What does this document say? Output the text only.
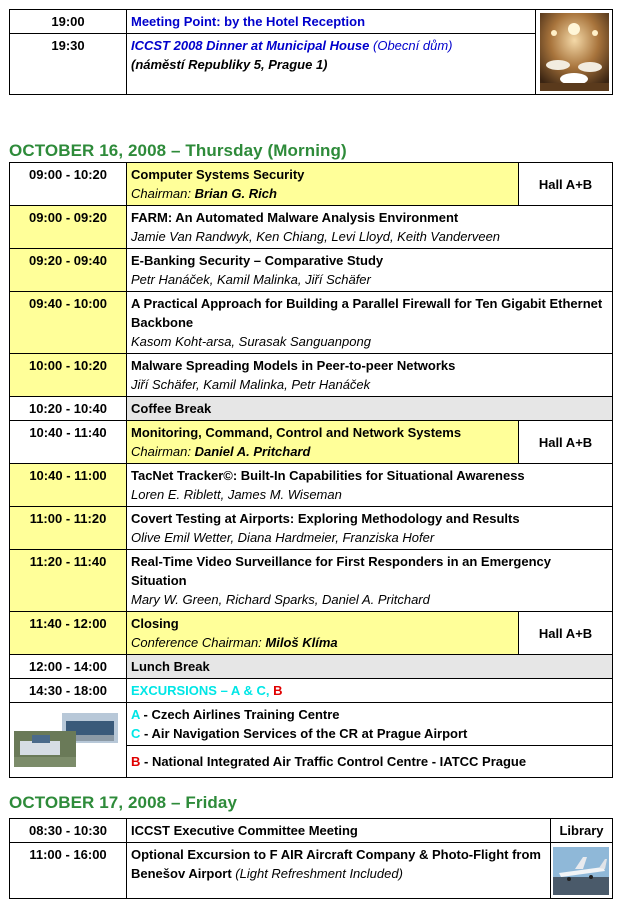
19:00	Meeting Point: by the Hotel Reception	

19:30	ICCST 2008 Dinner at Municipal House (Obecní dům)
(náměstí Republiky 5, Prague 1)	
OCTOBER 16, 2008 – Thursday (Morning)
09:00 - 10:20	Computer Systems Security
Chairman: Brian G. Rich	Hall A+B
09:00 - 09:20	FARM: An Automated Malware Analysis Environment
Jamie Van Randwyk, Ken Chiang, Levi Lloyd, Keith Vanderveen	

09:20 - 09:40	E-Banking Security – Comparative Study
Petr Hanáček, Kamil Malinka, Jiří Schäfer	

09:40 - 10:00	A Practical Approach for Building a Parallel Firewall for Ten Gigabit Ethernet Backbone
Kasom Koht-arsa, Surasak Sanguanpong	

10:00 - 10:20	Malware Spreading Models in Peer-to-peer Networks
Jiří Schäfer, Kamil Malinka, Petr Hanáček	

10:20 - 10:40	Coffee Break	
10:40 - 11:40	Monitoring, Command, Control and Network Systems
Chairman: Daniel A. Pritchard	Hall A+B
10:40 - 11:00	TacNet Tracker©: Built-In Capabilities for Situational Awareness
Loren E. Riblett, James M. Wiseman	

11:00 - 11:20	Covert Testing at Airports: Exploring Methodology and Results
Olive Emil Wetter, Diana Hardmeier, Franziska Hofer	

11:20 - 11:40	Real-Time Video Surveillance for First Responders in an Emergency Situation
Mary W. Green, Richard Sparks, Daniel A. Pritchard	

11:40 - 12:00	Closing
Conference Chairman: Miloš Klíma	Hall A+B
12:00 - 14:00	Lunch Break	
14:30 - 18:00	EXCURSIONS – A & C, B	

A - Czech Airlines Training Centre
C - Air Navigation Services of the CR at Prague Airport	

	B - National Integrated Air Traffic Control Centre - IATCC Prague	
OCTOBER 17, 2008 – Friday
08:30 - 10:30	ICCST Executive Committee Meeting	Library
11:00 - 16:00	Optional Excursion to F AIR Aircraft Company & Photo-Flight from Benešov Airport (Light Refreshment Included)	
